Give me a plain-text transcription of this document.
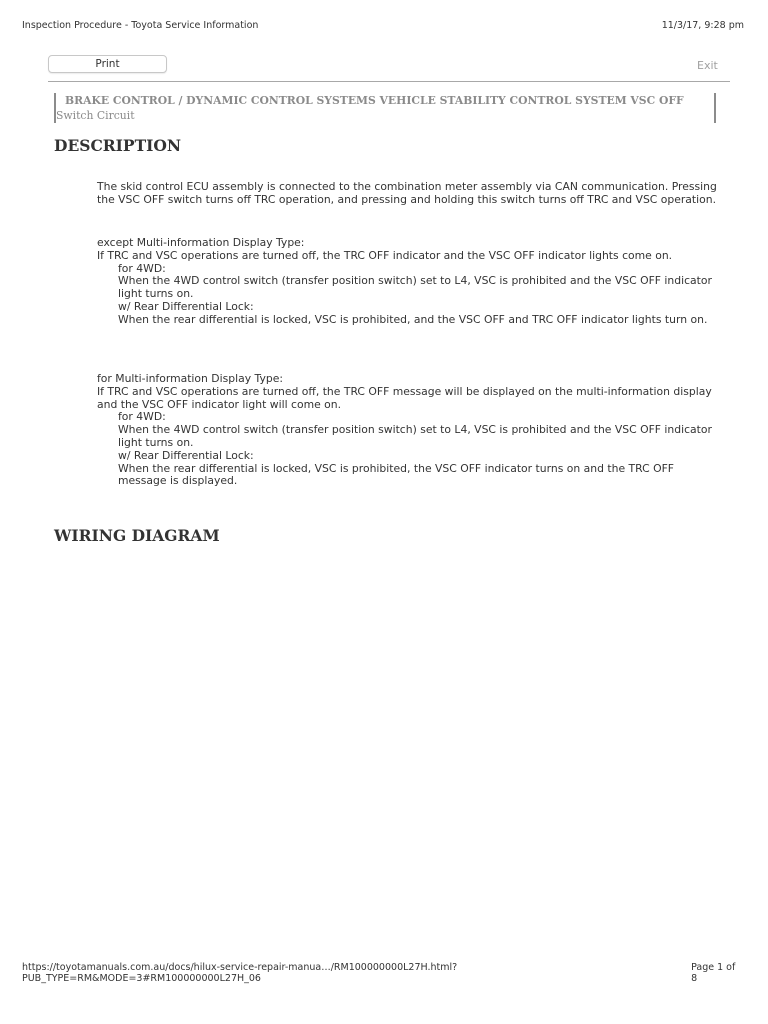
Inspection Procedure - Toyota Service Information	11/3/17, 9:28 pm
Print	Exit
BRAKE CONTROL / DYNAMIC CONTROL SYSTEMS VEHICLE STABILITY CONTROL SYSTEM VSC OFF
Switch Circuit
DESCRIPTION

The skid control ECU assembly is connected to the combination meter assembly via CAN communication. Pressing the VSC OFF switch turns off TRC operation, and pressing and holding this switch turns off TRC and VSC operation.

except Multi-information Display Type:

If TRC and VSC operations are turned off, the TRC OFF indicator and the VSC OFF indicator lights come on.

for 4WD:

When the 4WD control switch (transfer position switch) set to L4, VSC is prohibited and the VSC OFF indicator light turns on.

w/ Rear Differential Lock:

When the rear differential is locked, VSC is prohibited, and the VSC OFF and TRC OFF indicator lights turn on.

for Multi-information Display Type:

If TRC and VSC operations are turned off, the TRC OFF message will be displayed on the multi-information display and the VSC OFF indicator light will come on.

for 4WD:

When the 4WD control switch (transfer position switch) set to L4, VSC is prohibited and the VSC OFF indicator light turns on.

w/ Rear Differential Lock:

When the rear differential is locked, VSC is prohibited, the VSC OFF indicator turns on and the TRC OFF message is displayed.

WIRING DIAGRAM
https://toyotamanuals.com.au/docs/hilux-service-repair-manua…/RM100000000L27H.html?PUB_TYPE=RM&MODE=3#RM100000000L27H_06
Page 1 of 8
